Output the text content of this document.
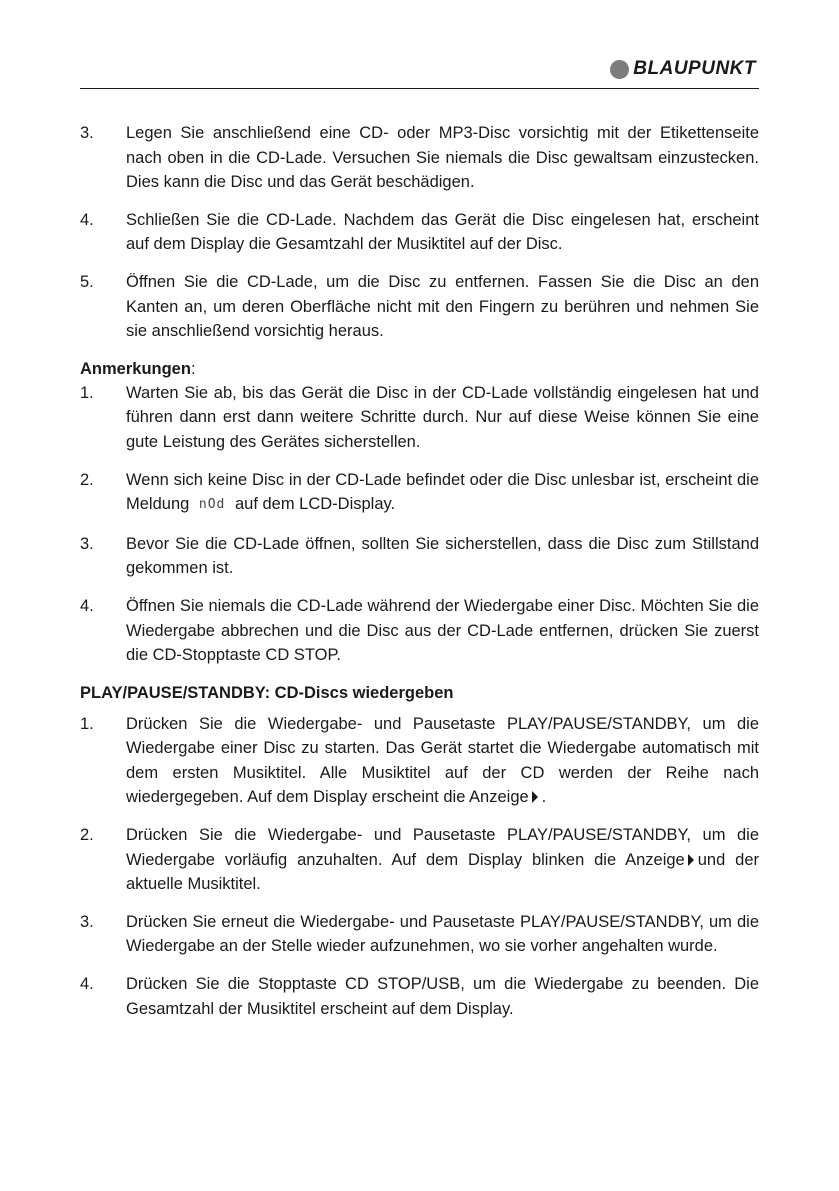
BLAUPUNKT
3.	Legen Sie anschließend eine CD- oder MP3-Disc vorsichtig mit der Etikettenseite nach oben in die CD-Lade. Versuchen Sie niemals die Disc gewaltsam einzustecken. Dies kann die Disc und das Gerät beschädigen.
4.	Schließen Sie die CD-Lade. Nachdem das Gerät die Disc eingelesen hat, erscheint auf dem Display die Gesamtzahl der Musiktitel auf der Disc.
5.	Öffnen Sie die CD-Lade, um die Disc zu entfernen. Fassen Sie die Disc an den Kanten an, um deren Oberfläche nicht mit den Fingern zu berühren und nehmen Sie sie anschließend vorsichtig heraus.
Anmerkungen:
1.	Warten Sie ab, bis das Gerät die Disc in der CD-Lade vollständig eingelesen hat und führen dann erst dann weitere Schritte durch. Nur auf diese Weise können Sie eine gute Leistung des Gerätes sicherstellen.
2.	Wenn sich keine Disc in der CD-Lade befindet oder die Disc unlesbar ist, erscheint die Meldung nOd auf dem LCD-Display.
3.	Bevor Sie die CD-Lade öffnen, sollten Sie sicherstellen, dass die Disc zum Stillstand gekommen ist.
4.	Öffnen Sie niemals die CD-Lade während der Wiedergabe einer Disc. Möchten Sie die Wiedergabe abbrechen und die Disc aus der CD-Lade entfernen, drücken Sie zuerst die CD-Stopptaste CD STOP.
PLAY/PAUSE/STANDBY: CD-Discs wiedergeben
1.	Drücken Sie die Wiedergabe- und Pausetaste PLAY/PAUSE/STANDBY, um die Wiedergabe einer Disc zu starten. Das Gerät startet die Wiedergabe automatisch mit dem ersten Musiktitel. Alle Musiktitel auf der CD werden der Reihe nach wiedergegeben. Auf dem Display erscheint die Anzeige .
2.	Drücken Sie die Wiedergabe- und Pausetaste PLAY/PAUSE/STANDBY, um die Wiedergabe vorläufig anzuhalten. Auf dem Display blinken die Anzeige und der aktuelle Musiktitel.
3.	Drücken Sie erneut die Wiedergabe- und Pausetaste PLAY/PAUSE/STANDBY, um die Wiedergabe an der Stelle wieder aufzunehmen, wo sie vorher angehalten wurde.
4.	Drücken Sie die Stopptaste CD STOP/USB, um die Wiedergabe zu beenden. Die Gesamtzahl der Musiktitel erscheint auf dem Display.
